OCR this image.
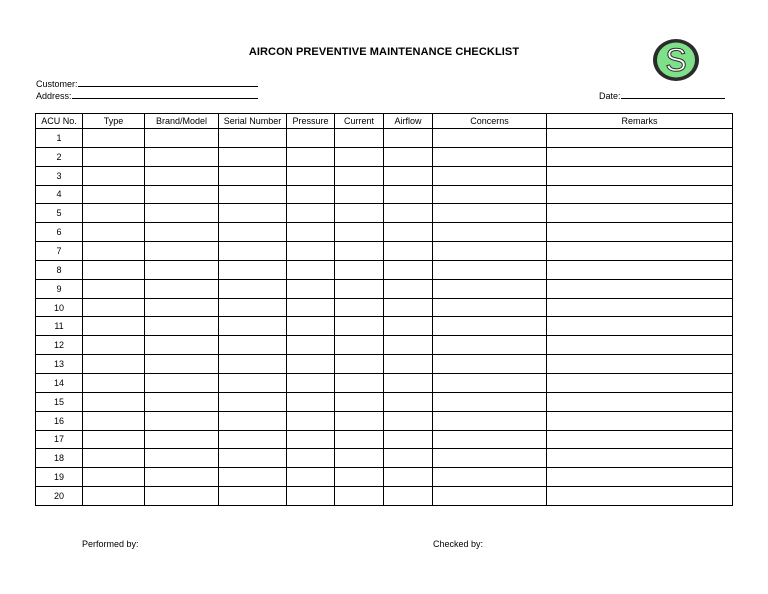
AIRCON PREVENTIVE MAINTENANCE CHECKLIST	S
Customer:
Address:	Date:
ACU No.	Type	Brand/Model	Serial Number	Pressure	Current	Airflow	Concerns	Remarks
1								
2								
3								
4								
5								
6								
7								
8								
9								
10								
11								
12								
13								
14								
15								
16								
17								
18								
19								
20								
Performed by:	Checked by:
